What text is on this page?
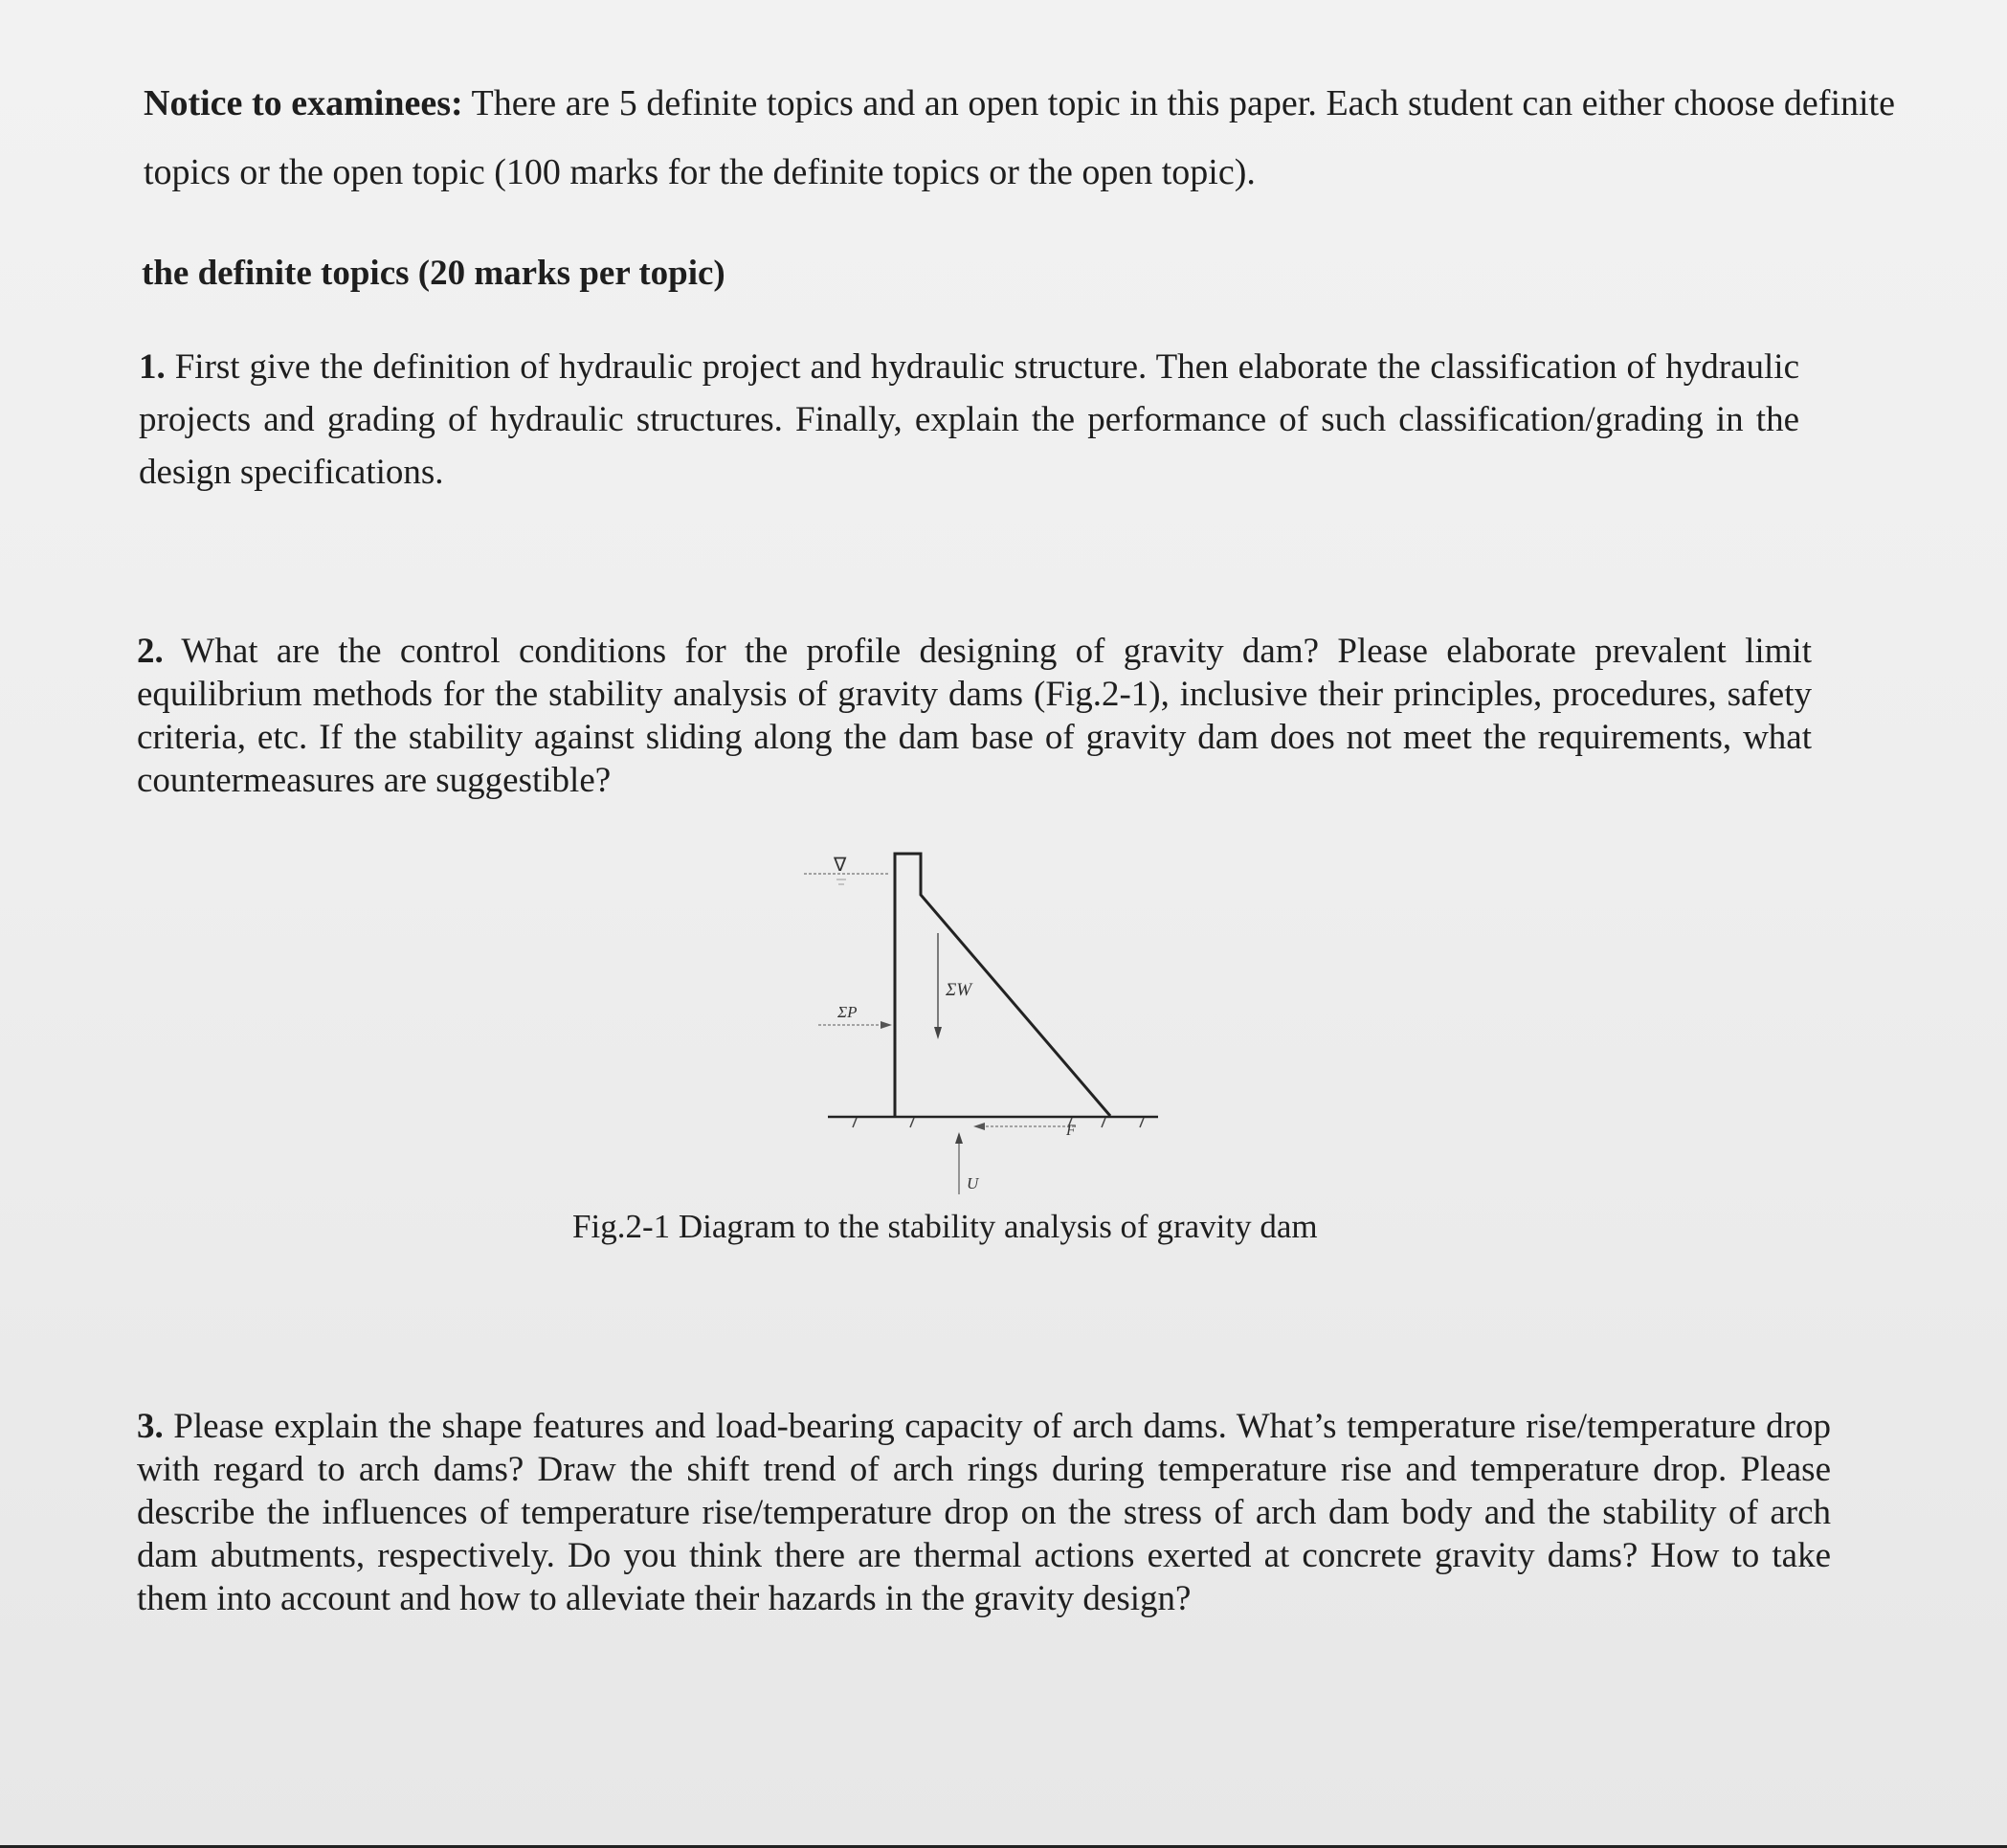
Notice to examinees: There are 5 definite topics and an open topic in this paper. Each student can either choose definite topics or the open topic (100 marks for the definite topics or the open topic).

the definite topics (20 marks per topic)

1. First give the definition of hydraulic project and hydraulic structure. Then elaborate the classification of hydraulic projects and grading of hydraulic structures. Finally, explain the performance of such classification/grading in the design specifications.

2. What are the control conditions for the profile designing of gravity dam? Please elaborate prevalent limit equilibrium methods for the stability analysis of gravity dams (Fig.2-1), inclusive their principles, procedures, safety criteria, etc. If the stability against sliding along the dam base of gravity dam does not meet the requirements, what countermeasures are suggestible?

∇
ΣW
ΣP
F
U
Fig.2-1 Diagram to the stability analysis of gravity dam

3. Please explain the shape features and load-bearing capacity of arch dams. What’s temperature rise/temperature drop with regard to arch dams? Draw the shift trend of arch rings during temperature rise and temperature drop. Please describe the influences of temperature rise/temperature drop on the stress of arch dam body and the stability of arch dam abutments, respectively. Do you think there are thermal actions exerted at concrete gravity dams? How to take them into account and how to alleviate their hazards in the gravity design?
